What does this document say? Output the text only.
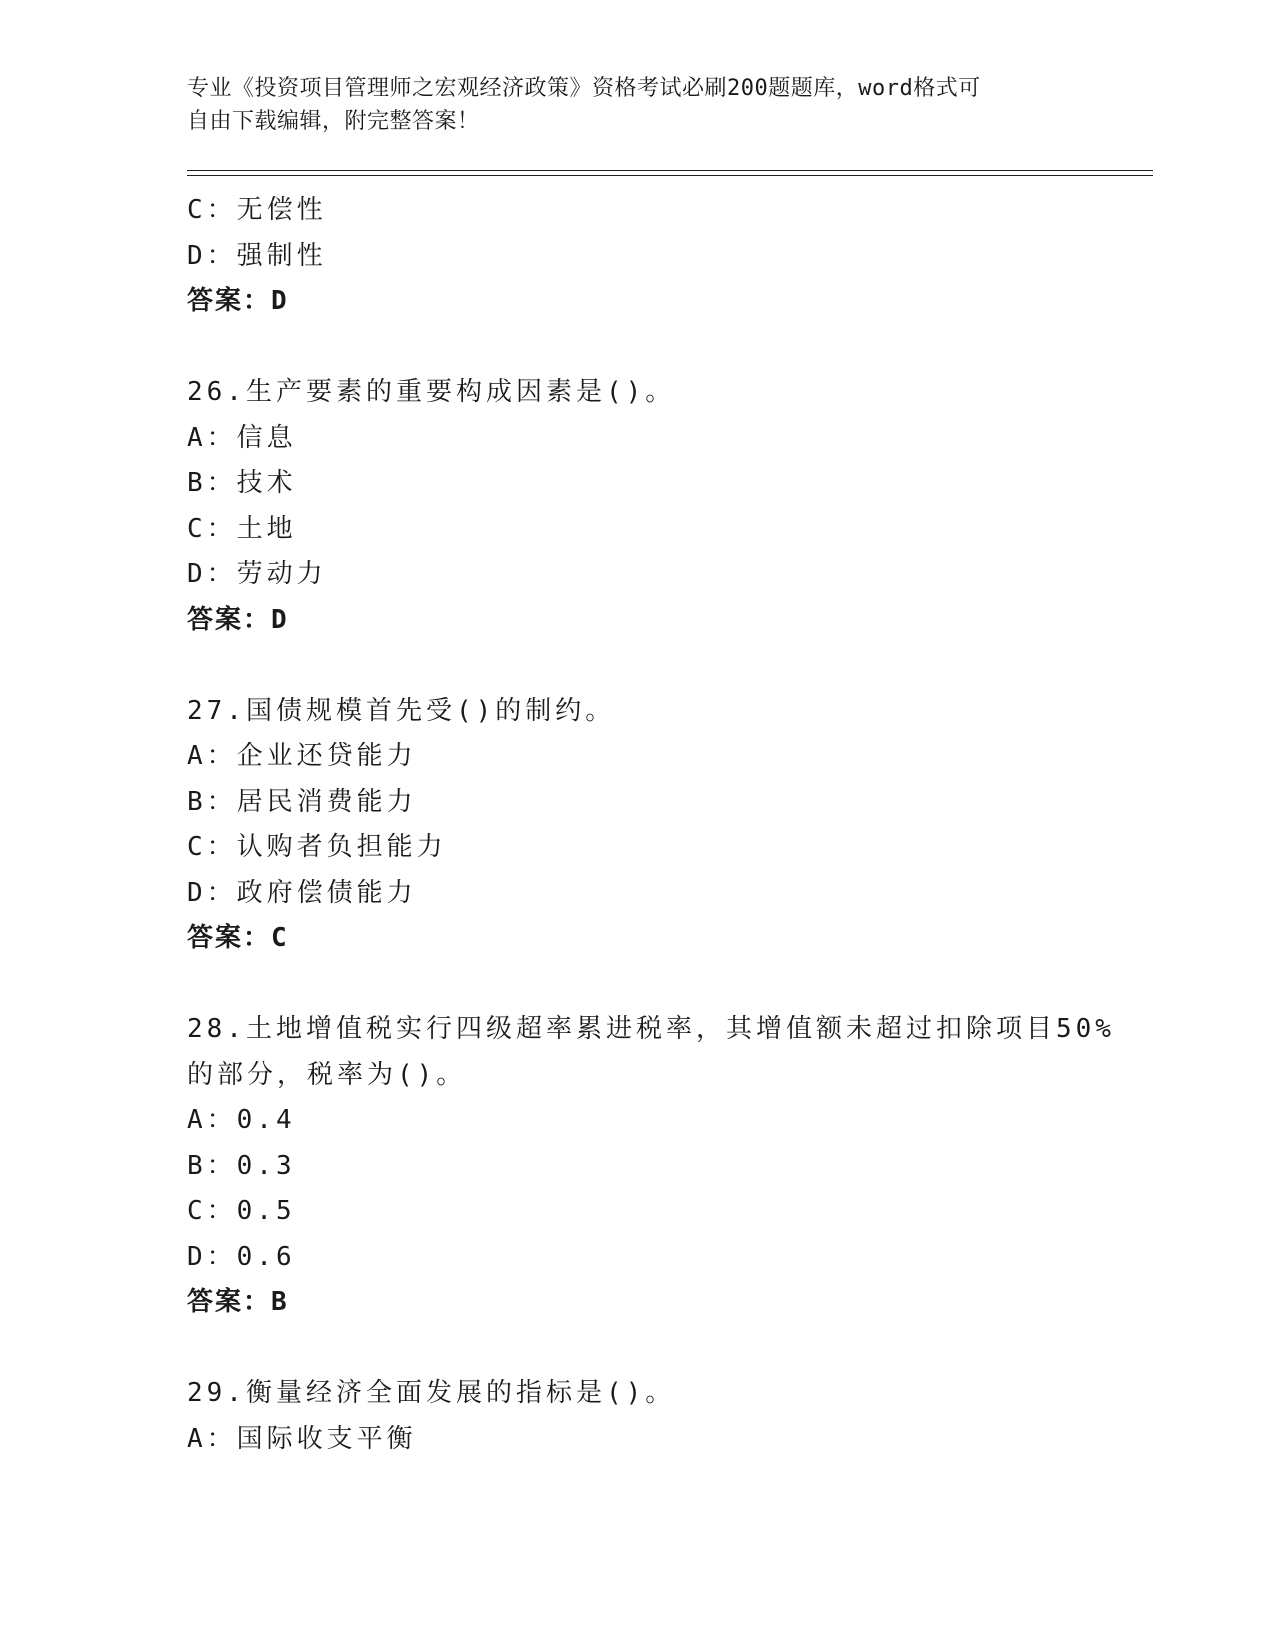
专业《投资项目管理师之宏观经济政策》资格考试必刷200题题库，word格式可
自由下载编辑，附完整答案！
C：无偿性
D：强制性
答案：D
26.生产要素的重要构成因素是()。
A：信息
B：技术
C：土地
D：劳动力
答案：D
27.国债规模首先受()的制约。
A：企业还贷能力
B：居民消费能力
C：认购者负担能力
D：政府偿债能力
答案：C
28.土地增值税实行四级超率累进税率，其增值额未超过扣除项目50%
的部分，税率为()。
A：0.4
B：0.3
C：0.5
D：0.6
答案：B
29.衡量经济全面发展的指标是()。
A：国际收支平衡
